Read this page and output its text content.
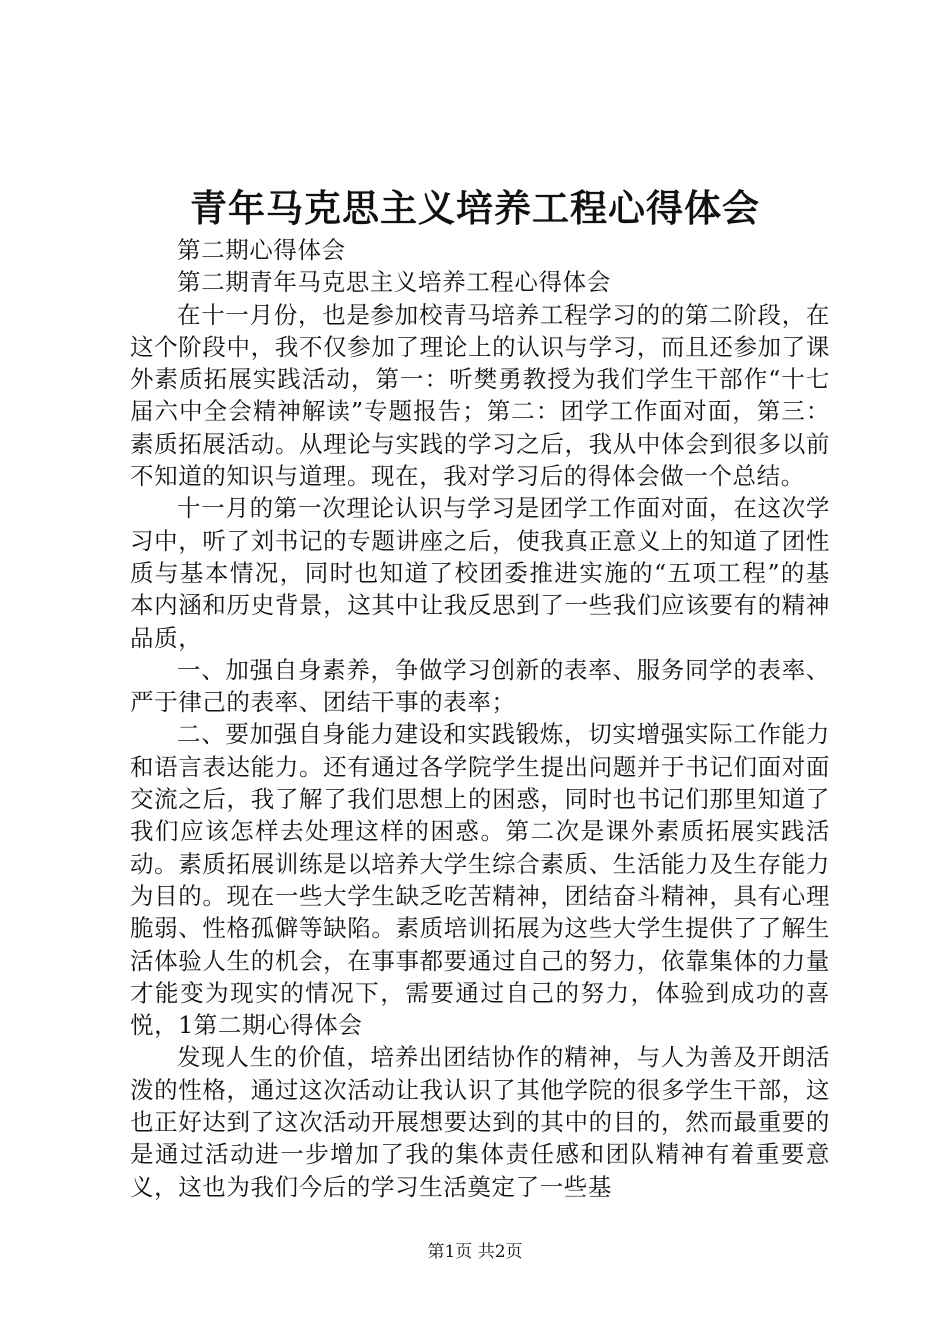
青年马克思主义培养工程心得体会

第二期心得体会

第二期青年马克思主义培养工程心得体会

在十一月份，也是参加校青马培养工程学习的的第二阶段，在这个阶段中，我不仅参加了理论上的认识与学习，而且还参加了课外素质拓展实践活动，第一：听樊勇教授为我们学生干部作“十七届六中全会精神解读”专题报告；第二：团学工作面对面，第三：素质拓展活动。从理论与实践的学习之后，我从中体会到很多以前不知道的知识与道理。现在，我对学习后的得体会做一个总结。

十一月的第一次理论认识与学习是团学工作面对面，在这次学习中，听了刘书记的专题讲座之后，使我真正意义上的知道了团性质与基本情况，同时也知道了校团委推进实施的“五项工程”的基本内涵和历史背景，这其中让我反思到了一些我们应该要有的精神品质，

一、加强自身素养，争做学习创新的表率、服务同学的表率、严于律己的表率、团结干事的表率；

二、要加强自身能力建设和实践锻炼，切实增强实际工作能力和语言表达能力。还有通过各学院学生提出问题并于书记们面对面交流之后，我了解了我们思想上的困惑，同时也书记们那里知道了我们应该怎样去处理这样的困惑。第二次是课外素质拓展实践活动。素质拓展训练是以培养大学生综合素质、生活能力及生存能力为目的。现在一些大学生缺乏吃苦精神，团结奋斗精神，具有心理脆弱、性格孤僻等缺陷。素质培训拓展为这些大学生提供了了解生活体验人生的机会，在事事都要通过自己的努力，依靠集体的力量才能变为现实的情况下，需要通过自己的努力，体验到成功的喜悦，1第二期心得体会

发现人生的价值，培养出团结协作的精神，与人为善及开朗活泼的性格，通过这次活动让我认识了其他学院的很多学生干部，这也正好达到了这次活动开展想要达到的其中的目的，然而最重要的是通过活动进一步增加了我的集体责任感和团队精神有着重要意义，这也为我们今后的学习生活奠定了一些基

第1页 共2页
